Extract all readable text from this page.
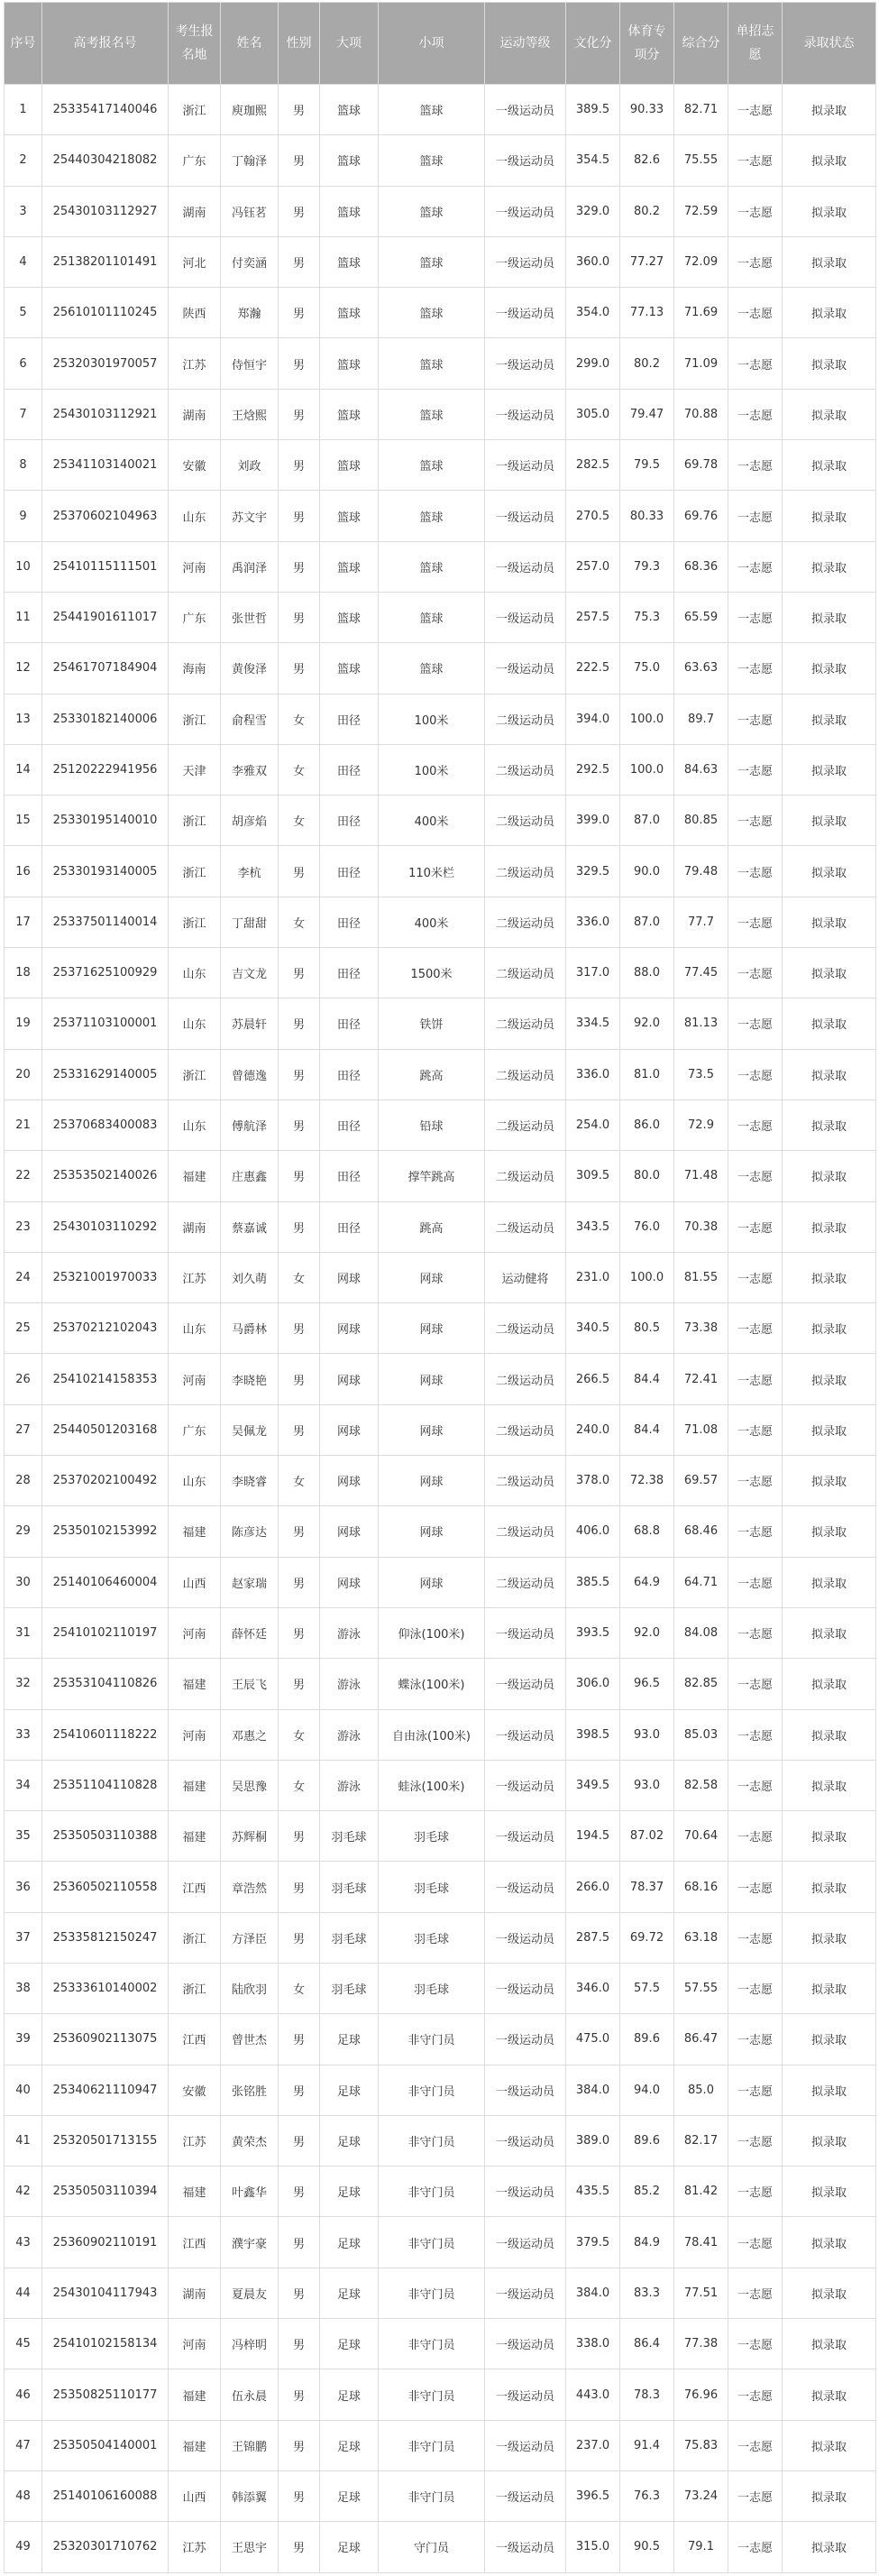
序号	高考报名号	考生报名地	姓名	性别	大项	小项	运动等级	文化分	体育专项分	综合分	单招志愿	录取状态
1	25335417140046	浙江	庾珈熙	男	篮球	篮球	一级运动员	389.5	90.33	82.71	一志愿	拟录取
2	25440304218082	广东	丁翰泽	男	篮球	篮球	一级运动员	354.5	82.6	75.55	一志愿	拟录取
3	25430103112927	湖南	冯钰茗	男	篮球	篮球	一级运动员	329.0	80.2	72.59	一志愿	拟录取
4	25138201101491	河北	付奕涵	男	篮球	篮球	一级运动员	360.0	77.27	72.09	一志愿	拟录取
5	25610101110245	陕西	郑瀚	男	篮球	篮球	一级运动员	354.0	77.13	71.69	一志愿	拟录取
6	25320301970057	江苏	侍恒宇	男	篮球	篮球	一级运动员	299.0	80.2	71.09	一志愿	拟录取
7	25430103112921	湖南	王焓熙	男	篮球	篮球	一级运动员	305.0	79.47	70.88	一志愿	拟录取
8	25341103140021	安徽	刘政	男	篮球	篮球	一级运动员	282.5	79.5	69.78	一志愿	拟录取
9	25370602104963	山东	苏文宇	男	篮球	篮球	一级运动员	270.5	80.33	69.76	一志愿	拟录取
10	25410115111501	河南	禹润泽	男	篮球	篮球	一级运动员	257.0	79.3	68.36	一志愿	拟录取
11	25441901611017	广东	张世哲	男	篮球	篮球	一级运动员	257.5	75.3	65.59	一志愿	拟录取
12	25461707184904	海南	黄俊泽	男	篮球	篮球	一级运动员	222.5	75.0	63.63	一志愿	拟录取
13	25330182140006	浙江	俞程雪	女	田径	100米	二级运动员	394.0	100.0	89.7	一志愿	拟录取
14	25120222941956	天津	李雅双	女	田径	100米	二级运动员	292.5	100.0	84.63	一志愿	拟录取
15	25330195140010	浙江	胡彦焰	女	田径	400米	二级运动员	399.0	87.0	80.85	一志愿	拟录取
16	25330193140005	浙江	李杭	男	田径	110米栏	二级运动员	329.5	90.0	79.48	一志愿	拟录取
17	25337501140014	浙江	丁甜甜	女	田径	400米	二级运动员	336.0	87.0	77.7	一志愿	拟录取
18	25371625100929	山东	吉文龙	男	田径	1500米	二级运动员	317.0	88.0	77.45	一志愿	拟录取
19	25371103100001	山东	苏晨轩	男	田径	铁饼	二级运动员	334.5	92.0	81.13	一志愿	拟录取
20	25331629140005	浙江	曾德逸	男	田径	跳高	二级运动员	336.0	81.0	73.5	一志愿	拟录取
21	25370683400083	山东	傅航泽	男	田径	铅球	二级运动员	254.0	86.0	72.9	一志愿	拟录取
22	25353502140026	福建	庄惠鑫	男	田径	撑竿跳高	二级运动员	309.5	80.0	71.48	一志愿	拟录取
23	25430103110292	湖南	蔡嘉诚	男	田径	跳高	二级运动员	343.5	76.0	70.38	一志愿	拟录取
24	25321001970033	江苏	刘久萌	女	网球	网球	运动健将	231.0	100.0	81.55	一志愿	拟录取
25	25370212102043	山东	马爵林	男	网球	网球	二级运动员	340.5	80.5	73.38	一志愿	拟录取
26	25410214158353	河南	李晓艳	男	网球	网球	二级运动员	266.5	84.4	72.41	一志愿	拟录取
27	25440501203168	广东	吴佩龙	男	网球	网球	二级运动员	240.0	84.4	71.08	一志愿	拟录取
28	25370202100492	山东	李晓睿	女	网球	网球	二级运动员	378.0	72.38	69.57	一志愿	拟录取
29	25350102153992	福建	陈彦达	男	网球	网球	二级运动员	406.0	68.8	68.46	一志愿	拟录取
30	25140106460004	山西	赵家瑞	男	网球	网球	二级运动员	385.5	64.9	64.71	一志愿	拟录取
31	25410102110197	河南	薛怀廷	男	游泳	仰泳(100米)	一级运动员	393.5	92.0	84.08	一志愿	拟录取
32	25353104110826	福建	王辰飞	男	游泳	蝶泳(100米)	一级运动员	306.0	96.5	82.85	一志愿	拟录取
33	25410601118222	河南	邓惠之	女	游泳	自由泳(100米)	一级运动员	398.5	93.0	85.03	一志愿	拟录取
34	25351104110828	福建	吴思豫	女	游泳	蛙泳(100米)	一级运动员	349.5	93.0	82.58	一志愿	拟录取
35	25350503110388	福建	苏辉桐	男	羽毛球	羽毛球	一级运动员	194.5	87.02	70.64	一志愿	拟录取
36	25360502110558	江西	章浩然	男	羽毛球	羽毛球	一级运动员	266.0	78.37	68.16	一志愿	拟录取
37	25335812150247	浙江	方泽臣	男	羽毛球	羽毛球	一级运动员	287.5	69.72	63.18	一志愿	拟录取
38	25333610140002	浙江	陆欣羽	女	羽毛球	羽毛球	一级运动员	346.0	57.5	57.55	一志愿	拟录取
39	25360902113075	江西	曾世杰	男	足球	非守门员	一级运动员	475.0	89.6	86.47	一志愿	拟录取
40	25340621110947	安徽	张铭胜	男	足球	非守门员	一级运动员	384.0	94.0	85.0	一志愿	拟录取
41	25320501713155	江苏	黄荣杰	男	足球	非守门员	一级运动员	389.0	89.6	82.17	一志愿	拟录取
42	25350503110394	福建	叶鑫华	男	足球	非守门员	一级运动员	435.5	85.2	81.42	一志愿	拟录取
43	25360902110191	江西	濮宇豪	男	足球	非守门员	一级运动员	379.5	84.9	78.41	一志愿	拟录取
44	25430104117943	湖南	夏晨友	男	足球	非守门员	一级运动员	384.0	83.3	77.51	一志愿	拟录取
45	25410102158134	河南	冯梓明	男	足球	非守门员	一级运动员	338.0	86.4	77.38	一志愿	拟录取
46	25350825110177	福建	伍永晨	男	足球	非守门员	一级运动员	443.0	78.3	76.96	一志愿	拟录取
47	25350504140001	福建	王锦鹏	男	足球	非守门员	一级运动员	237.0	91.4	75.83	一志愿	拟录取
48	25140106160088	山西	韩添翼	男	足球	非守门员	一级运动员	396.5	76.3	73.24	一志愿	拟录取
49	25320301710762	江苏	王思宇	男	足球	守门员	一级运动员	315.0	90.5	79.1	一志愿	拟录取
